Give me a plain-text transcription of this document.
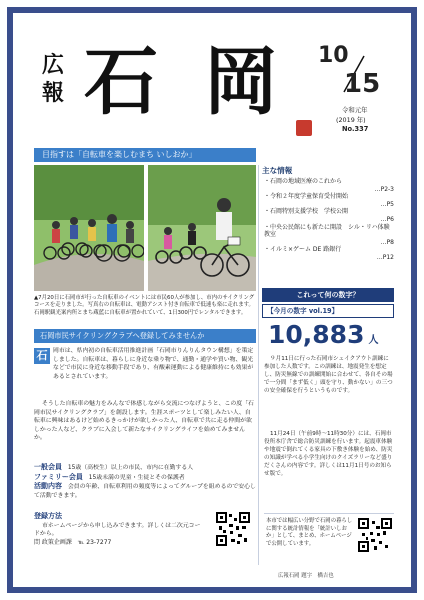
広
報 石 岡 10
15
令和元年
(2019 年)
No.337
目指すは「自転車を楽しむまち いしおか」
▲7月20日に石岡市が行った自転車のイベントには市民60人が参加し、市内のサイクリングコースを走りました。写真右の自転車は、電動アシスト付き自転車で低速も楽に走れます。石岡駅観光案内所とまち蔵藍に自転車が置かれていて、1日300円でレンタルできます。
石岡市民サイクリングクラブへ登録してみませんか
石 岡市は、県内初の自転車活用推進計画「石岡市りんりんタウン構想」を策定しました。自転車は、暮らしに身近な乗り物で、通勤・通学や買い物、観光などで市民に身近な移動手段であり、有酸素運動による健康維持にも効果があるとされています。
そうした自転車の魅力をみんなで体感しながら交流につなげようと、この度「石岡市民サイクリングクラブ」を創設します。生涯スポーツとして楽しみたい人、自転車に興味はあるけど始めるきっかけが欲しかった人、自転車で共に走る仲間が欲しかった人など、クラブに入会して新たなサイクリングライフを始めてみませんか。
一般会員　 15歳（高校生）以上の市民、市内に在勤する人
ファミリー会員　 15歳未満の児童・生徒とその保護者
活動内容　 会員の年齢、自転車利用の頻度等によってグループを組めるので安心して活動できます。
登録方法
市ホームページから申し込みできます。詳しくは二次元コードから。
問 政策企画課　℡ 23-7277
主な情報
・石岡の地域医療のこれから
…P2-3
・令和２年度学童保育受付開始
…P5
・石岡特別支援学校　学校公開
…P6
・中央公民館にも新たに開設　シル・リハ体験教室
…P8
・イルミ×ゲーム DE 路銀行
…P12
これって何の数字？
【今月の数字 vol.19】
10,883 人
９月11日に行った石岡市シェイクアウト訓練に参加した人数です。この訓練は、地震発生を想定し、防災無線での訓練開始に合わせて、各自その場で一分間「まず低く」頭を守り、動かない」の三つの安全確保を行うというものです。
11月24日（午前9時～11時30分）には、石岡市役所本庁舎で総合防災訓練を行います。起震車体験や地震で倒れてくる家具の下敷き体験を始め、防災の知識が学べる小学生向けのクイズラリーなど盛りだくさんの内容です。詳しくは11月1日号のお知らせ版で。
本市では幅広い分野で石岡の暮らしに関する統計情報を「統計いしおか」として、まとめ、ホームページで公開しています。
広報石岡 題字　橋吉也
